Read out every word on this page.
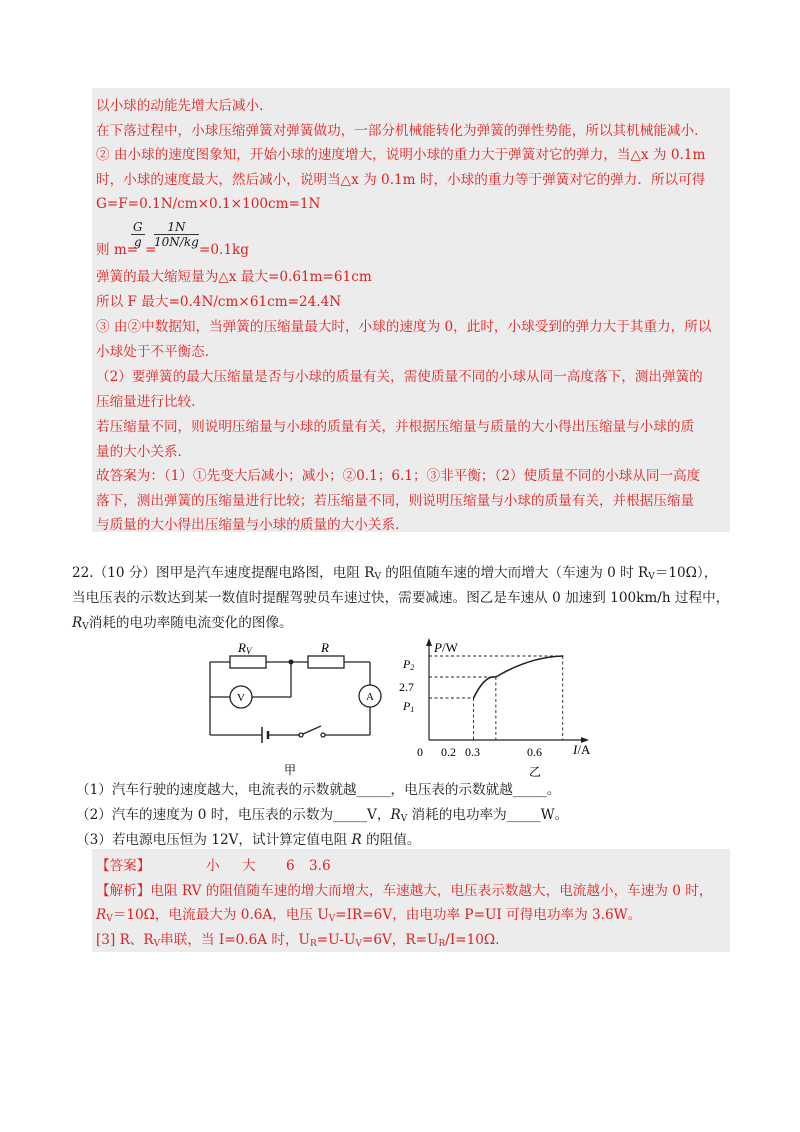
以小球的动能先增大后减小.
在下落过程中，小球压缩弹簧对弹簧做功，一部分机械能转化为弹簧的弹性势能，所以其机械能减小.
② 由小球的速度图象知，开始小球的速度增大，说明小球的重力大于弹簧对它的弹力，当△x 为 0.1m
时，小球的速度最大，然后减小，说明当△x 为 0.1m 时，小球的重力等于弹簧对它的弹力．所以可得
G=F=0.1N/cm×0.1×100cm=1N
则 m=
$\frac{G}{g}$
=
$\frac{1N}{10N/kg}$
=0.1kg
弹簧的最大缩短量为△x 最大=0.61m=61cm
所以 F 最大=0.4N/cm×61cm=24.4N
③ 由②中数据知，当弹簧的压缩量最大时，小球的速度为 0，此时，小球受到的弹力大于其重力，所以
小球处于不平衡态.
（2）要弹簧的最大压缩量是否与小球的质量有关，需使质量不同的小球从同一高度落下，测出弹簧的
压缩量进行比较.
若压缩量不同，则说明压缩量与小球的质量有关，并根据压缩量与质量的大小得出压缩量与小球的质
量的大小关系.
故答案为：（1）①先变大后减小；减小；②0.1；6.1；③非平衡；（2）使质量不同的小球从同一高度
落下，测出弹簧的压缩量进行比较；若压缩量不同，则说明压缩量与小球的质量有关，并根据压缩量
与质量的大小得出压缩量与小球的质量的大小关系.
22.（10 分）图甲是汽车速度提醒电路图，电阻 $R_V$ 的阻值随车速的增大而增大（车速为 0 时 $R_V=10\Omega$），
当电压表的示数达到某一数值时提醒驾驶员车速过快，需要减速。图乙是车速从 0 加速到 100km/h 过程中，
$R_V$消耗的电功率随电流变化的图像。
RV	R
V	A
甲
P/W
I/A
P2
2.7
P1
0 0.2 0.3	0.6
乙
（1）汽车行驶的速度越大，电流表的示数就越_____，电压表的示数就越_____。
（2）汽车的速度为 0 时，电压表的示数为_____V，$R_V$ 消耗的电功率为_____W。
（3）若电源电压恒为 12V，试计算定值电阻 R 的阻值。
【答案】	小 大 6 3.6
【解析】电阻 RV 的阻值随车速的增大而增大，车速越大，电压表示数越大，电流越小，车速为 0 时，
$R_V=10\Omega$，电流最大为 0.6A，电压 $U_V=IR=6V$，由电功率 P=UI 可得电功率为 3.6W。
[3] R、$R_V$串联，当 I=0.6A 时，$U_R=U-U_V=6V$，$R=U_R/I=10\Omega$.
